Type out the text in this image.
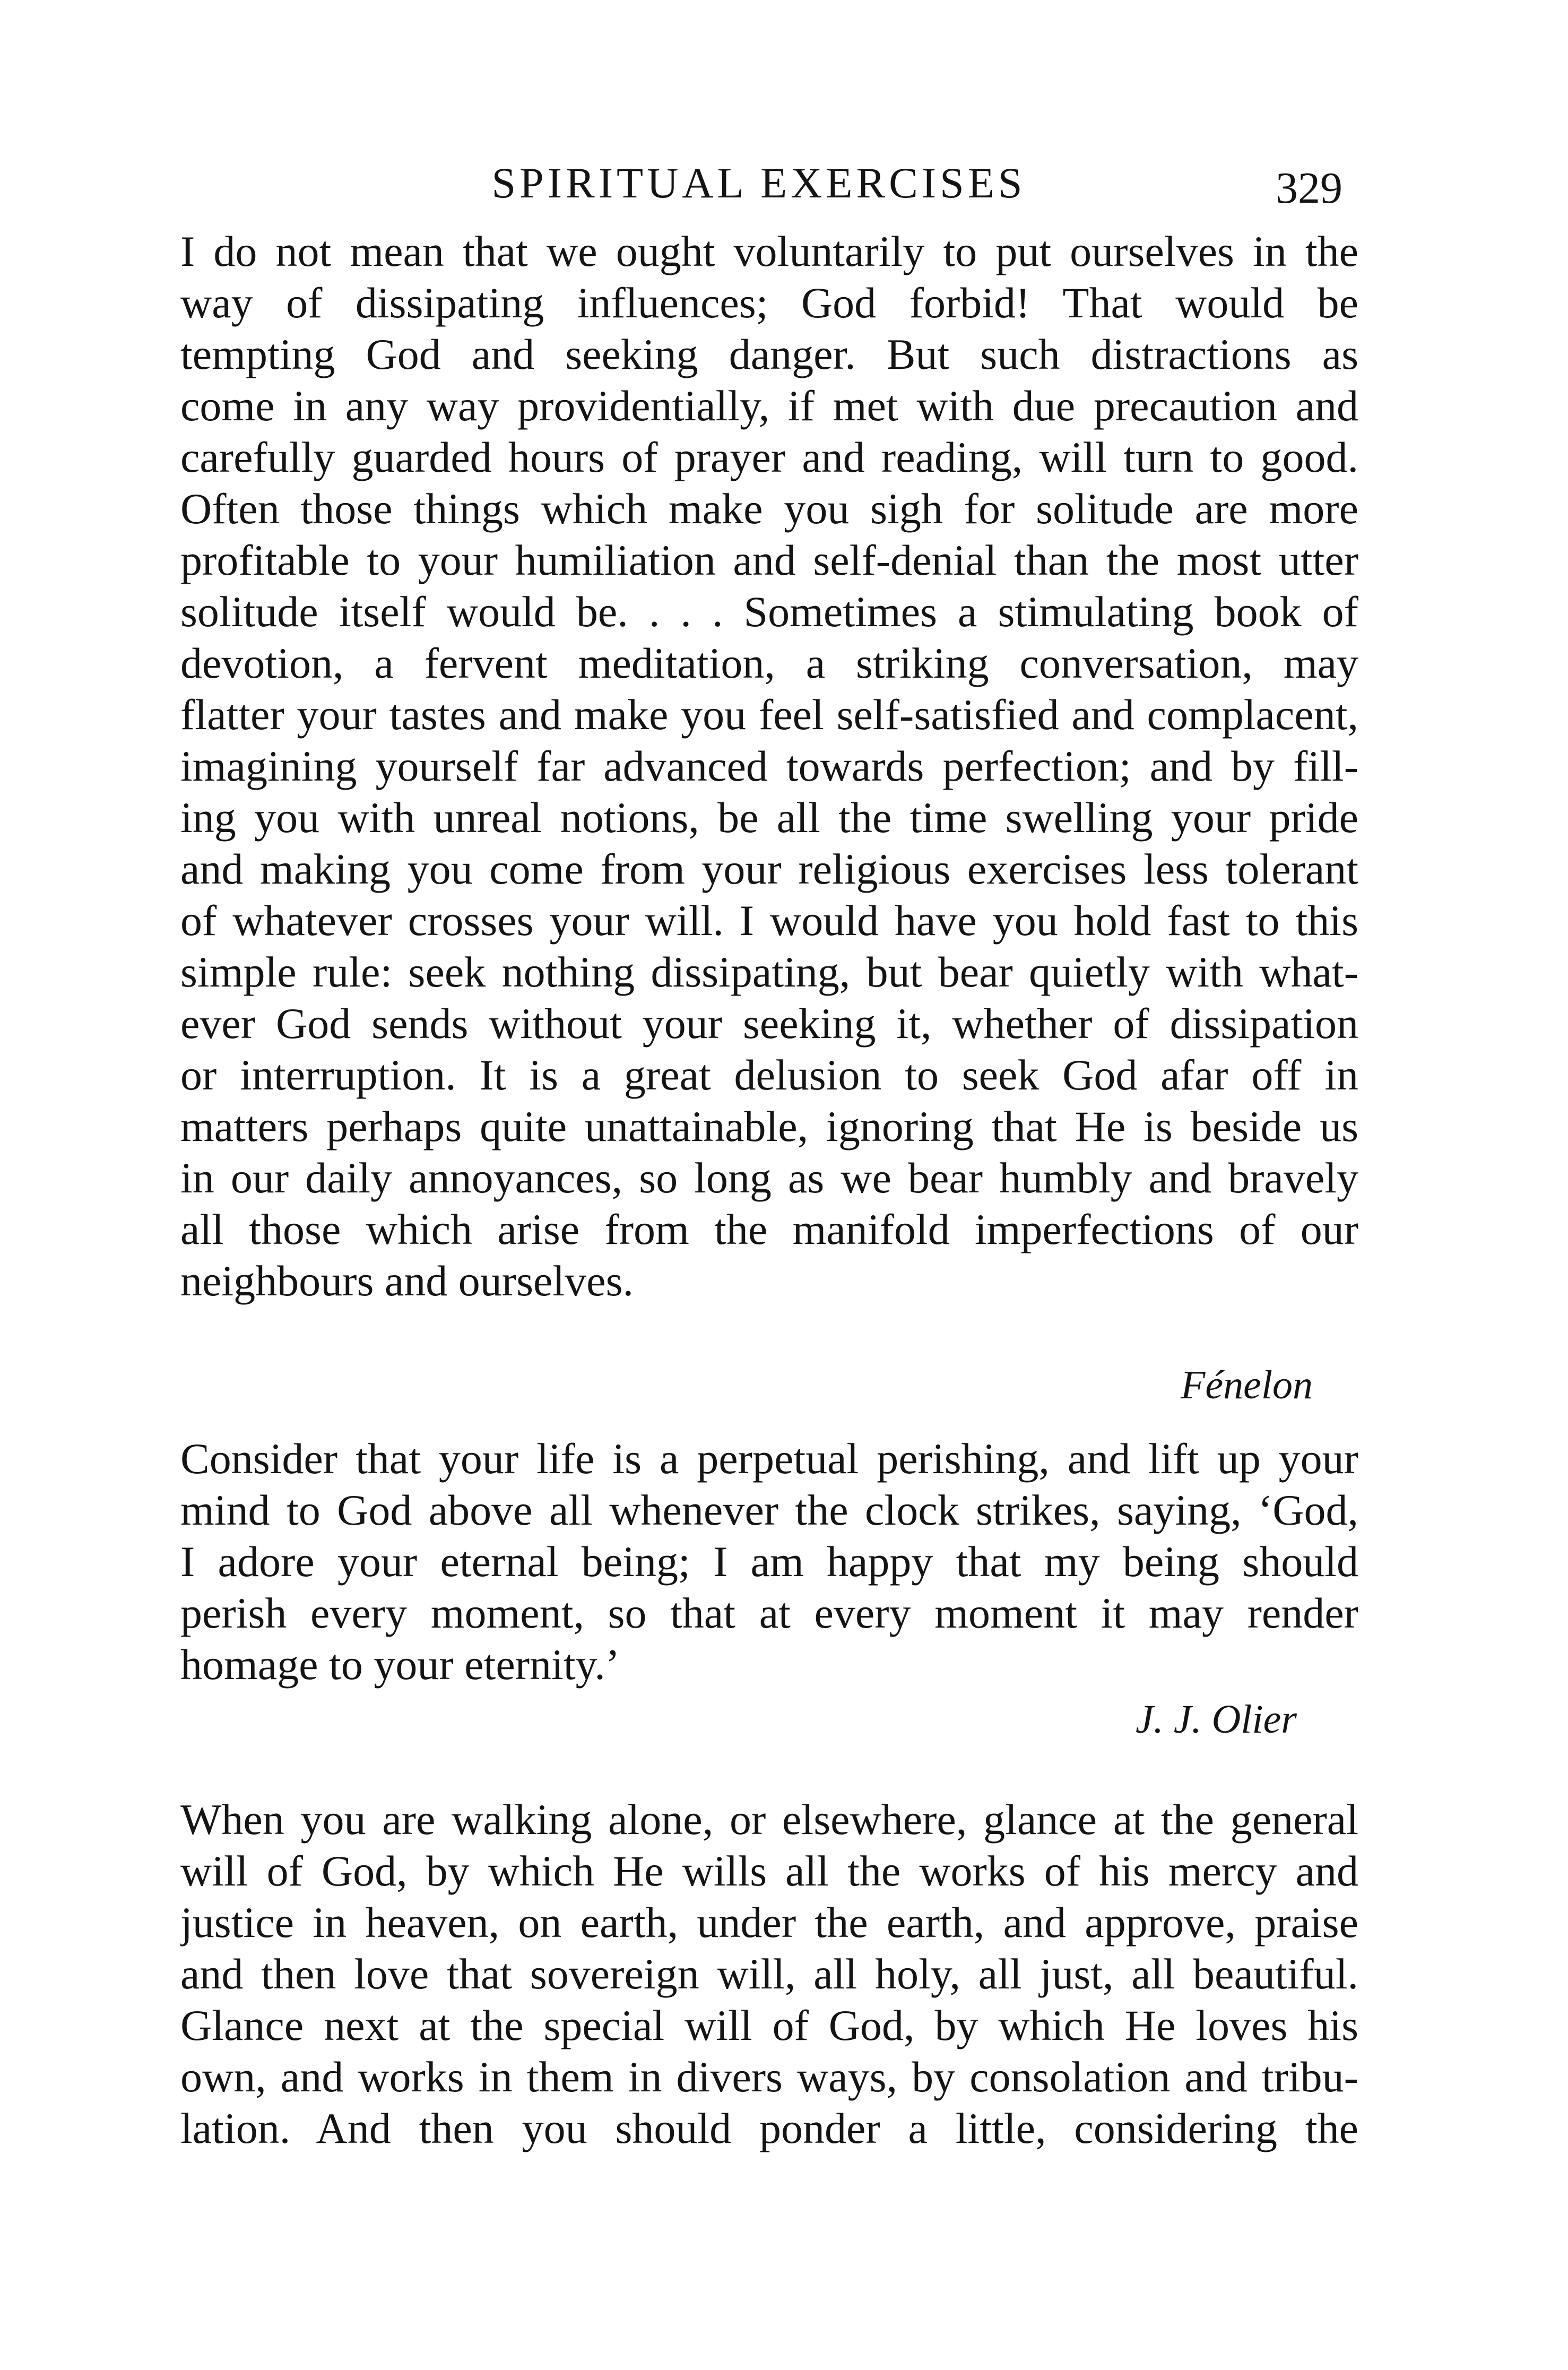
SPIRITUAL EXERCISES	329
I do not mean that we ought voluntarily to put ourselves in the
way of dissipating influences; God forbid! That would be
tempting God and seeking danger. But such distractions as
come in any way providentially, if met with due precaution and
carefully guarded hours of prayer and reading, will turn to good.
Often those things which make you sigh for solitude are more
profitable to your humiliation and self-denial than the most utter
solitude itself would be. . . . Sometimes a stimulating book of
devotion, a fervent meditation, a striking conversation, may
flatter your tastes and make you feel self-satisfied and complacent,
imagining yourself far advanced towards perfection; and by fill-
ing you with unreal notions, be all the time swelling your pride
and making you come from your religious exercises less tolerant
of whatever crosses your will. I would have you hold fast to this
simple rule: seek nothing dissipating, but bear quietly with what-
ever God sends without your seeking it, whether of dissipation
or interruption. It is a great delusion to seek God afar off in
matters perhaps quite unattainable, ignoring that He is beside us
in our daily annoyances, so long as we bear humbly and bravely
all those which arise from the manifold imperfections of our
neighbours and ourselves.
Fénelon
Consider that your life is a perpetual perishing, and lift up your
mind to God above all whenever the clock strikes, saying, ‘God,
I adore your eternal being; I am happy that my being should
perish every moment, so that at every moment it may render
homage to your eternity.’
J. J. Olier
When you are walking alone, or elsewhere, glance at the general
will of God, by which He wills all the works of his mercy and
justice in heaven, on earth, under the earth, and approve, praise
and then love that sovereign will, all holy, all just, all beautiful.
Glance next at the special will of God, by which He loves his
own, and works in them in divers ways, by consolation and tribu-
lation. And then you should ponder a little, considering the
